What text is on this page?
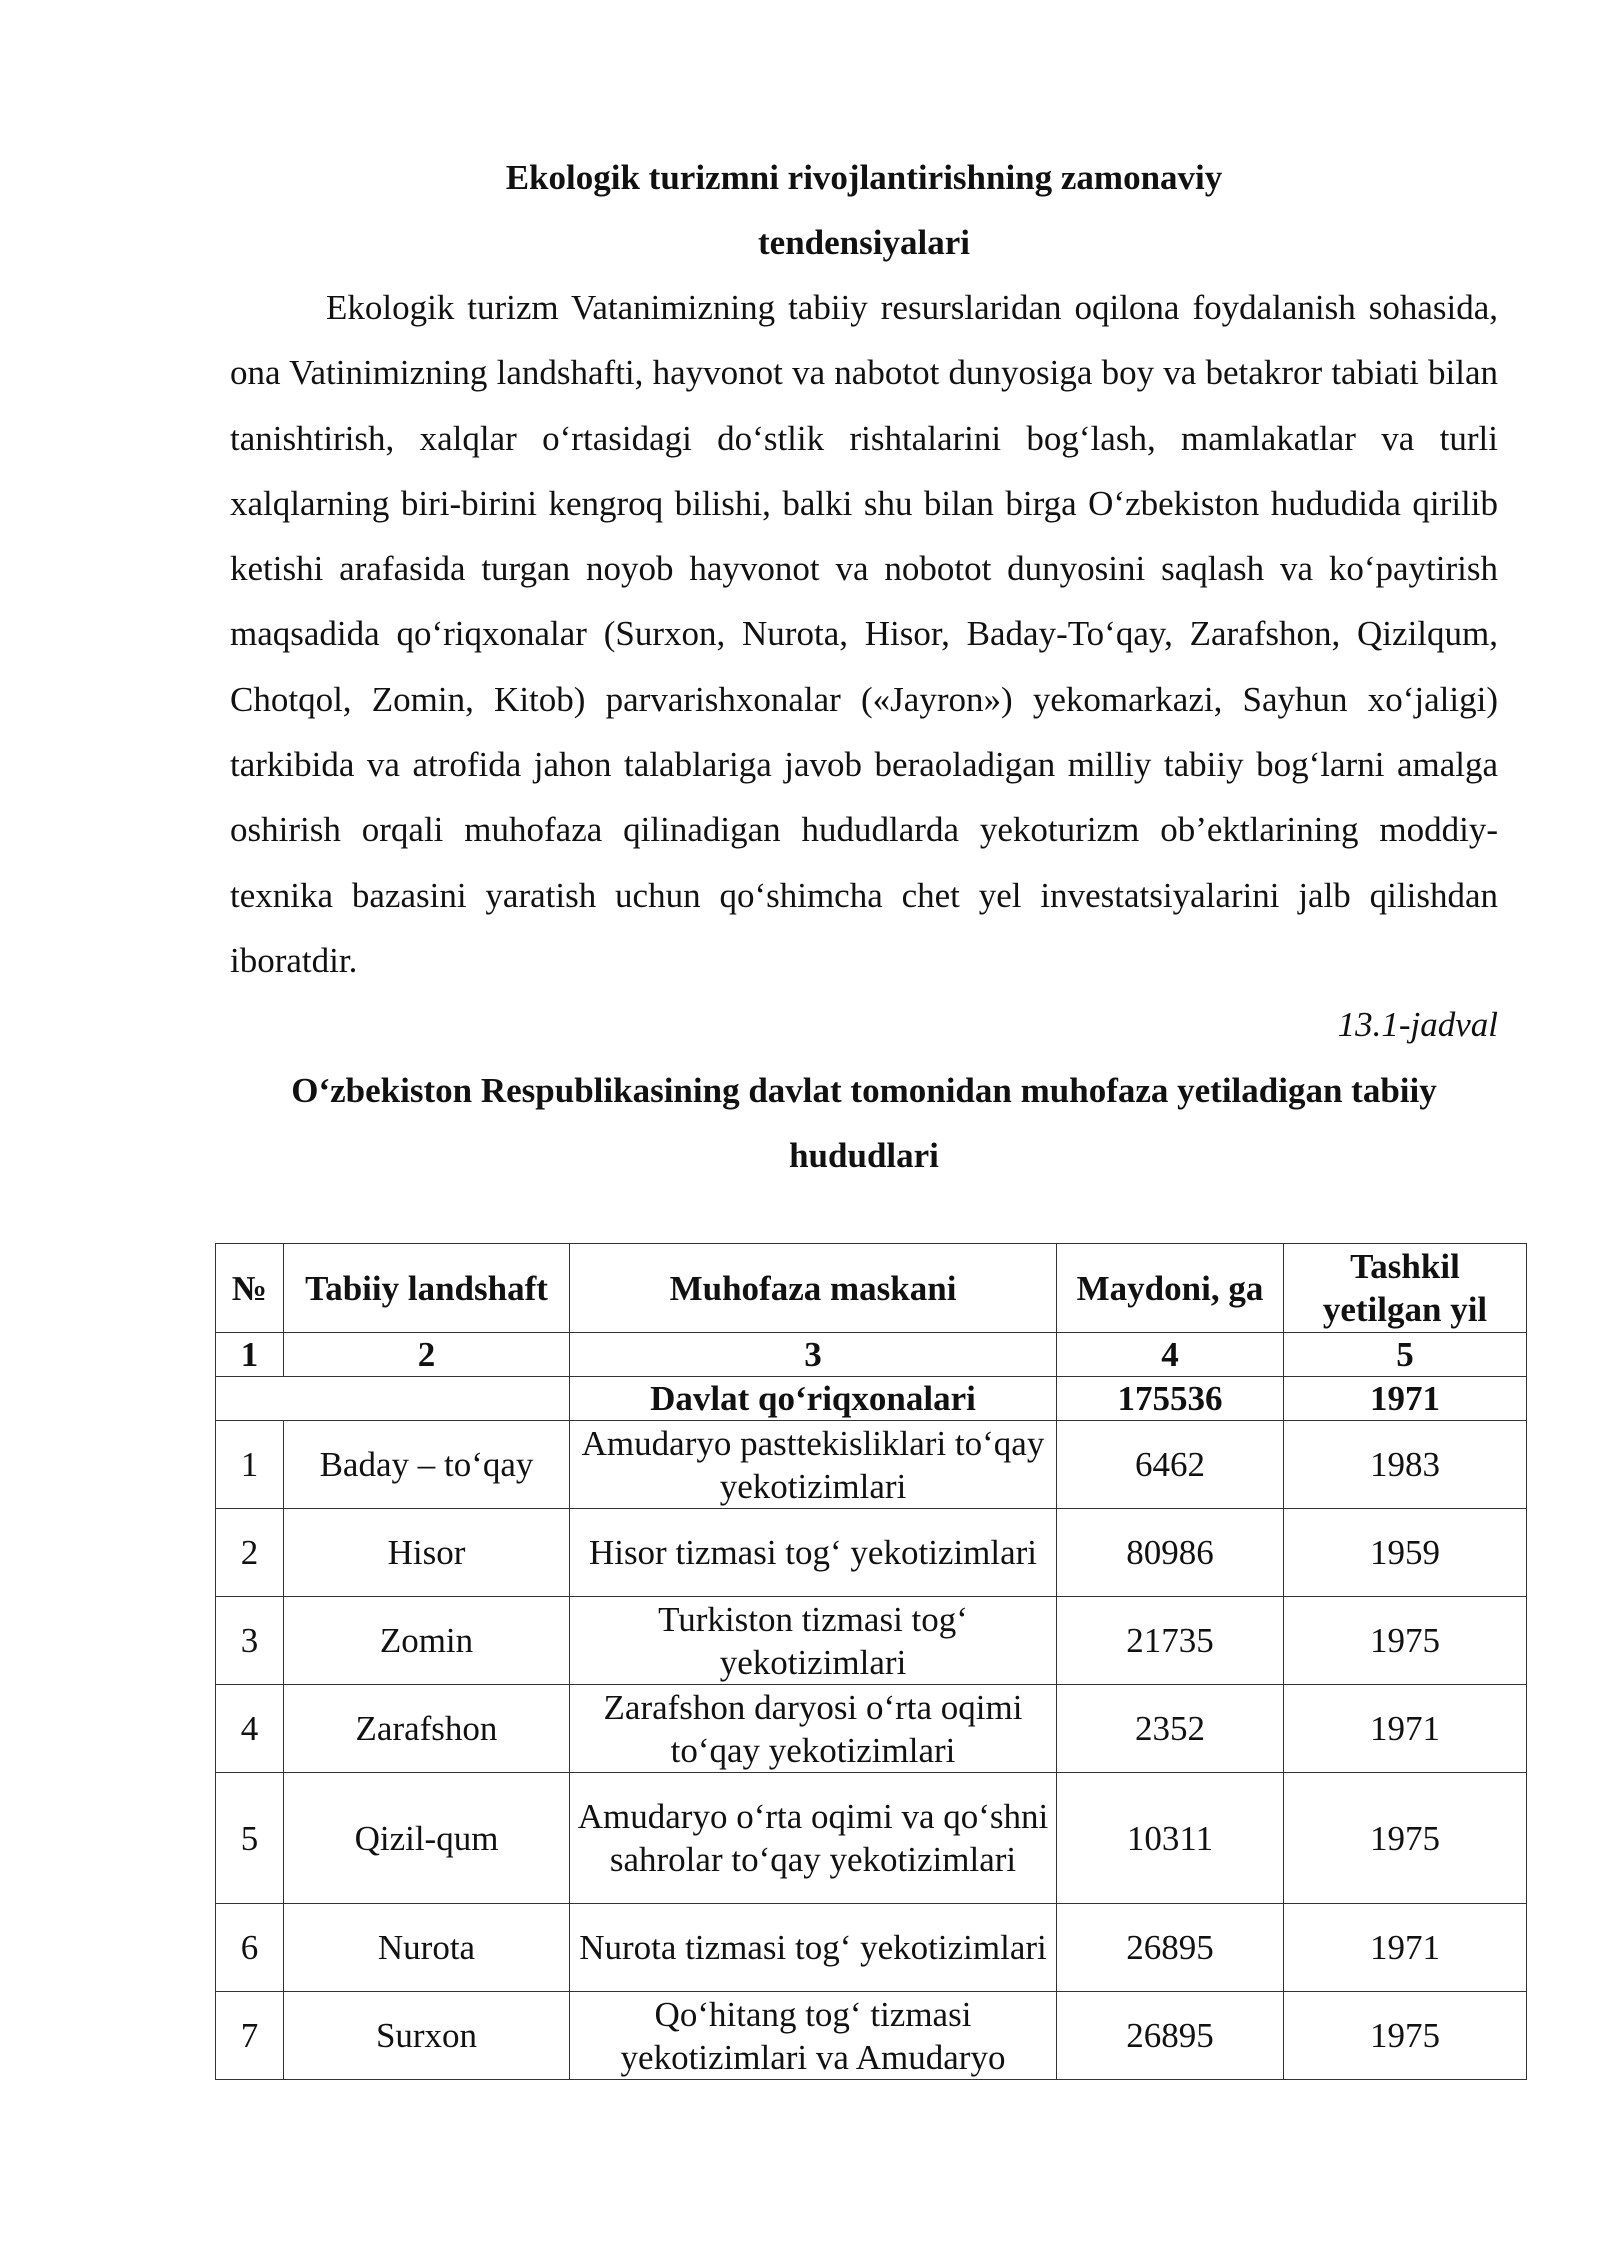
Ekologik turizmni rivojlantirishning zamonaviy
tendensiyalari

Ekologik turizm Vatanimizning tabiiy resurslaridan oqilona foydalanish sohasida, ona Vatinimizning landshafti, hayvonot va nabotot dunyosiga boy va betakror tabiati bilan tanishtirish, xalqlar o‘rtasidagi do‘stlik rishtalarini bog‘lash, mamlakatlar va turli xalqlarning biri-birini kengroq bilishi, balki shu bilan birga O‘zbekiston hududida qirilib ketishi arafasida turgan noyob hayvonot va nobotot dunyosini saqlash va ko‘paytirish maqsadida qo‘riqxonalar (Surxon, Nurota, Hisor, Baday-To‘qay, Zarafshon, Qizilqum, Chotqol, Zomin, Kitob) parvarishxonalar («Jayron») yekomarkazi, Sayhun xo‘jaligi) tarkibida va atrofida jahon talablariga javob beraoladigan milliy tabiiy bog‘larni amalga oshirish orqali muhofaza qilinadigan hududlarda yekoturizm ob’ektlarining moddiy-texnika bazasini yaratish uchun qo‘shimcha chet yel investatsiyalarini jalb qilishdan iboratdir.

13.1-jadval
O‘zbekiston Respublikasining davlat tomonidan muhofaza yetiladigan tabiiy hududlari
№	Tabiiy landshaft	Muhofaza maskani	Maydoni, ga	Tashkil yetilgan yil
1	2	3	4	5
		Davlat qo‘riqxonalari	175536	1971
1	Baday – to‘qay	Amudaryo pasttekisliklari to‘qay yekotizimlari	6462	1983
2	Hisor	Hisor tizmasi tog‘ yekotizimlari	80986	1959
3	Zomin	Turkiston tizmasi tog‘ yekotizimlari	21735	1975
4	Zarafshon	Zarafshon daryosi o‘rta oqimi to‘qay yekotizimlari	2352	1971
5	Qizil-qum	Amudaryo o‘rta oqimi va qo‘shni sahrolar to‘qay yekotizimlari	10311	1975
6	Nurota	Nurota tizmasi tog‘ yekotizimlari	26895	1971
7	Surxon	Qo‘hitang tog‘ tizmasi yekotizimlari va Amudaryo	26895	1975
